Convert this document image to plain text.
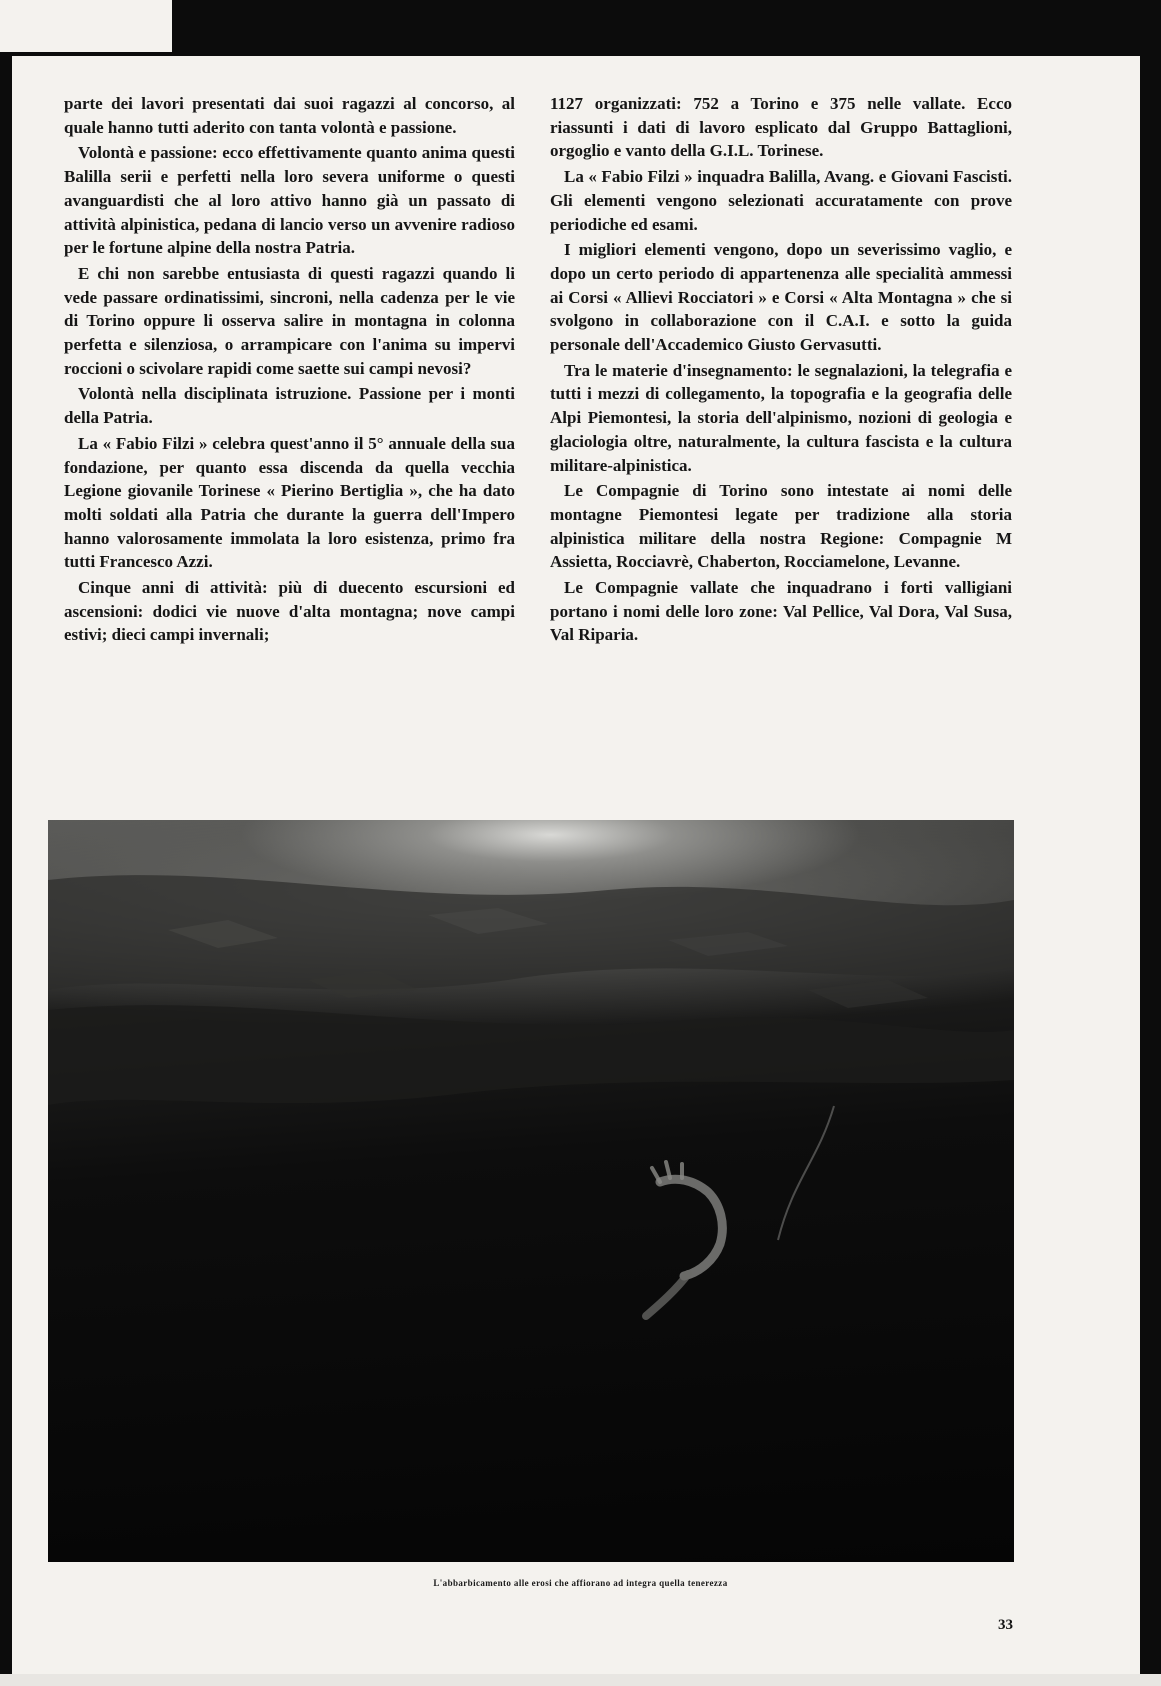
parte dei lavori presentati dai suoi ragazzi al concorso, al quale hanno tutti aderito con tanta volontà e passione.

Volontà e passione: ecco effettivamente quanto anima questi Balilla serii e perfetti nella loro severa uniforme o questi avanguardisti che al loro attivo hanno già un passato di attività alpinistica, pedana di lancio verso un avvenire radioso per le fortune alpine della nostra Patria.

E chi non sarebbe entusiasta di questi ragazzi quando li vede passare ordinatissimi, sincroni, nella cadenza per le vie di Torino oppure li osserva salire in montagna in colonna perfetta e silenziosa, o arrampicare con l'anima su impervi roccioni o scivolare rapidi come saette sui campi nevosi?

Volontà nella disciplinata istruzione. Passione per i monti della Patria.

La « Fabio Filzi » celebra quest'anno il 5° annuale della sua fondazione, per quanto essa discenda da quella vecchia Legione giovanile Torinese « Pierino Bertiglia », che ha dato molti soldati alla Patria che durante la guerra dell'Impero hanno valorosamente immolata la loro esistenza, primo fra tutti Francesco Azzi.

Cinque anni di attività: più di duecento escursioni ed ascensioni: dodici vie nuove d'alta montagna; nove campi estivi; dieci campi invernali;

1127 organizzati: 752 a Torino e 375 nelle vallate. Ecco riassunti i dati di lavoro esplicato dal Gruppo Battaglioni, orgoglio e vanto della G.I.L. Torinese.

La « Fabio Filzi » inquadra Balilla, Avang. e Giovani Fascisti. Gli elementi vengono selezionati accuratamente con prove periodiche ed esami.

I migliori elementi vengono, dopo un severissimo vaglio, e dopo un certo periodo di appartenenza alle specialità ammessi ai Corsi « Allievi Rocciatori » e Corsi « Alta Montagna » che si svolgono in collaborazione con il C.A.I. e sotto la guida personale dell'Accademico Giusto Gervasutti.

Tra le materie d'insegnamento: le segnalazioni, la telegrafia e tutti i mezzi di collegamento, la topografia e la geografia delle Alpi Piemontesi, la storia dell'alpinismo, nozioni di geologia e glaciologia oltre, naturalmente, la cultura fascista e la cultura militare-alpinistica.

Le Compagnie di Torino sono intestate ai nomi delle montagne Piemontesi legate per tradizione alla storia alpinistica militare della nostra Regione: Compagnie M Assietta, Rocciavrè, Chaberton, Rocciamelone, Levanne.

Le Compagnie vallate che inquadrano i forti valligiani portano i nomi delle loro zone: Val Pellice, Val Dora, Val Susa, Val Riparia.

L'abbarbicamento alle erosi che affiorano ad integra quella tenerezza
33
